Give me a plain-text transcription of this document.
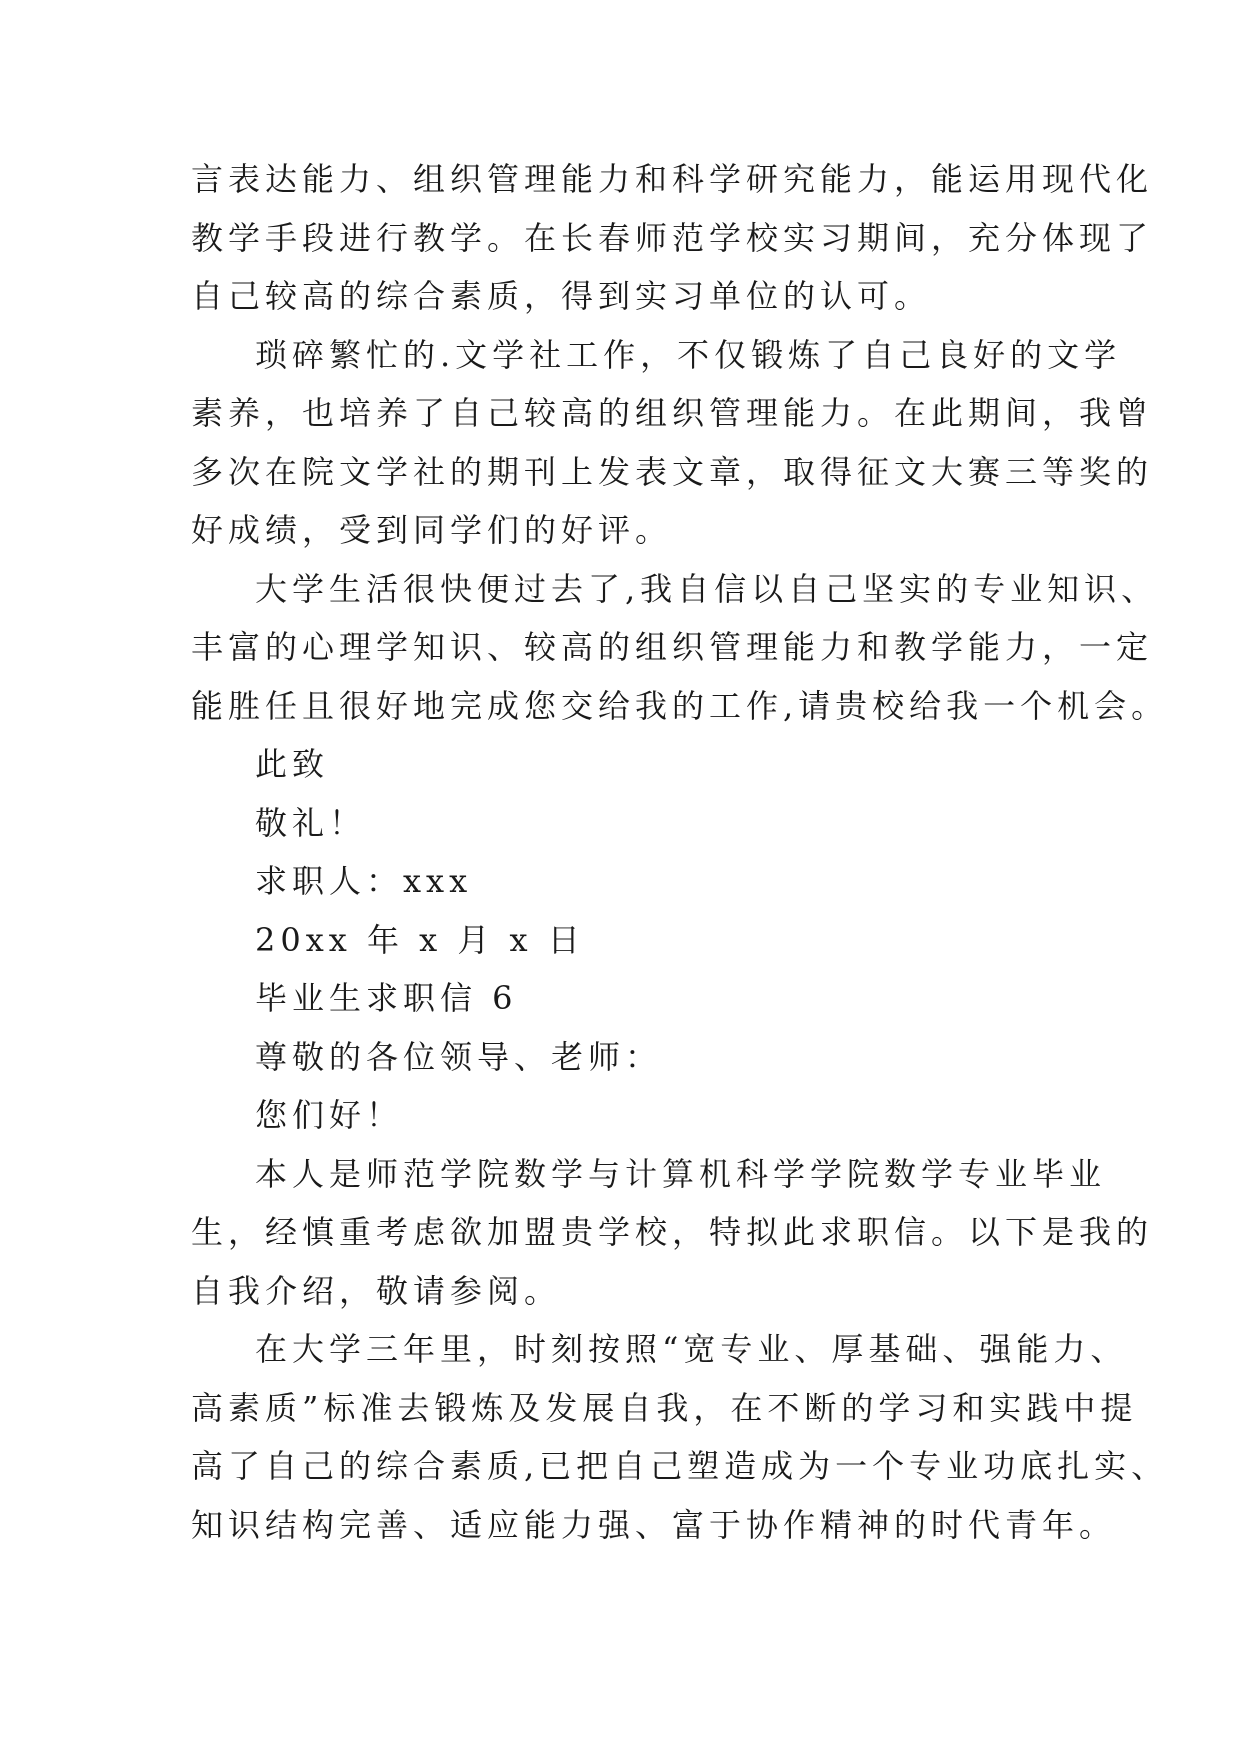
言表达能力、组织管理能力和科学研究能力，能运用现代化
教学手段进行教学。在长春师范学校实习期间，充分体现了
自己较高的综合素质，得到实习单位的认可。
琐碎繁忙的.文学社工作，不仅锻炼了自己良好的文学
素养，也培养了自己较高的组织管理能力。在此期间，我曾
多次在院文学社的期刊上发表文章，取得征文大赛三等奖的
好成绩，受到同学们的好评。
大学生活很快便过去了,我自信以自己坚实的专业知识、
丰富的心理学知识、较高的组织管理能力和教学能力，一定
能胜任且很好地完成您交给我的工作,请贵校给我一个机会。
此致
敬礼！
求职人：xxx
20xx 年 x 月 x 日
毕业生求职信 6
尊敬的各位领导、老师：
您们好！
本人是师范学院数学与计算机科学学院数学专业毕业
生，经慎重考虑欲加盟贵学校，特拟此求职信。以下是我的
自我介绍，敬请参阅。
在大学三年里，时刻按照“宽专业、厚基础、强能力、
高素质”标准去锻炼及发展自我，在不断的学习和实践中提
高了自己的综合素质,已把自己塑造成为一个专业功底扎实、
知识结构完善、适应能力强、富于协作精神的时代青年。
